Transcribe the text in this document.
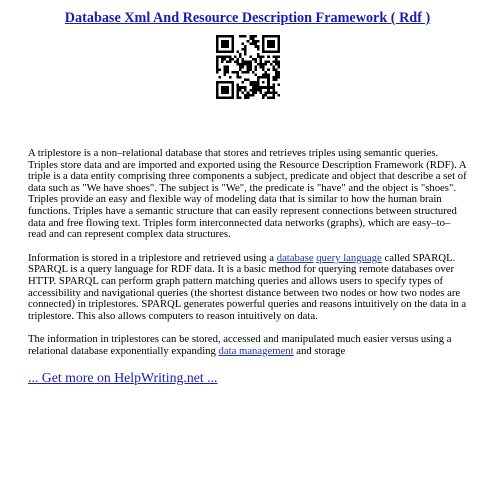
Database Xml And Resource Description Framework ( Rdf )

A triplestore is a non–relational database that stores and retrieves triples using semantic queries. Triples store data and are imported and exported using the Resource Description Framework (RDF). A triple is a data entity comprising three components a subject, predicate and object that describe a set of data such as "We have shoes". The subject is "We", the predicate is "have" and the object is "shoes". Triples provide an easy and flexible way of modeling data that is similar to how the human brain functions. Triples have a semantic structure that can easily represent connections between structured data and free flowing text. Triples form interconnected data networks (graphs), which are easy–to–read and can represent complex data structures.

Information is stored in a triplestore and retrieved using a database query language called SPARQL. SPARQL is a query language for RDF data. It is a basic method for querying remote databases over HTTP. SPARQL can perform graph pattern matching queries and allows users to specify types of accessibility and navigational queries (the shortest distance between two nodes or how two nodes are connected) in triplestores. SPARQL generates powerful queries and reasons intuitively on the data in a triplestore. This also allows computers to reason intuitively on data.

The information in triplestores can be stored, accessed and manipulated much easier versus using a relational database exponentially expanding data management and storage

... Get more on HelpWriting.net ...
